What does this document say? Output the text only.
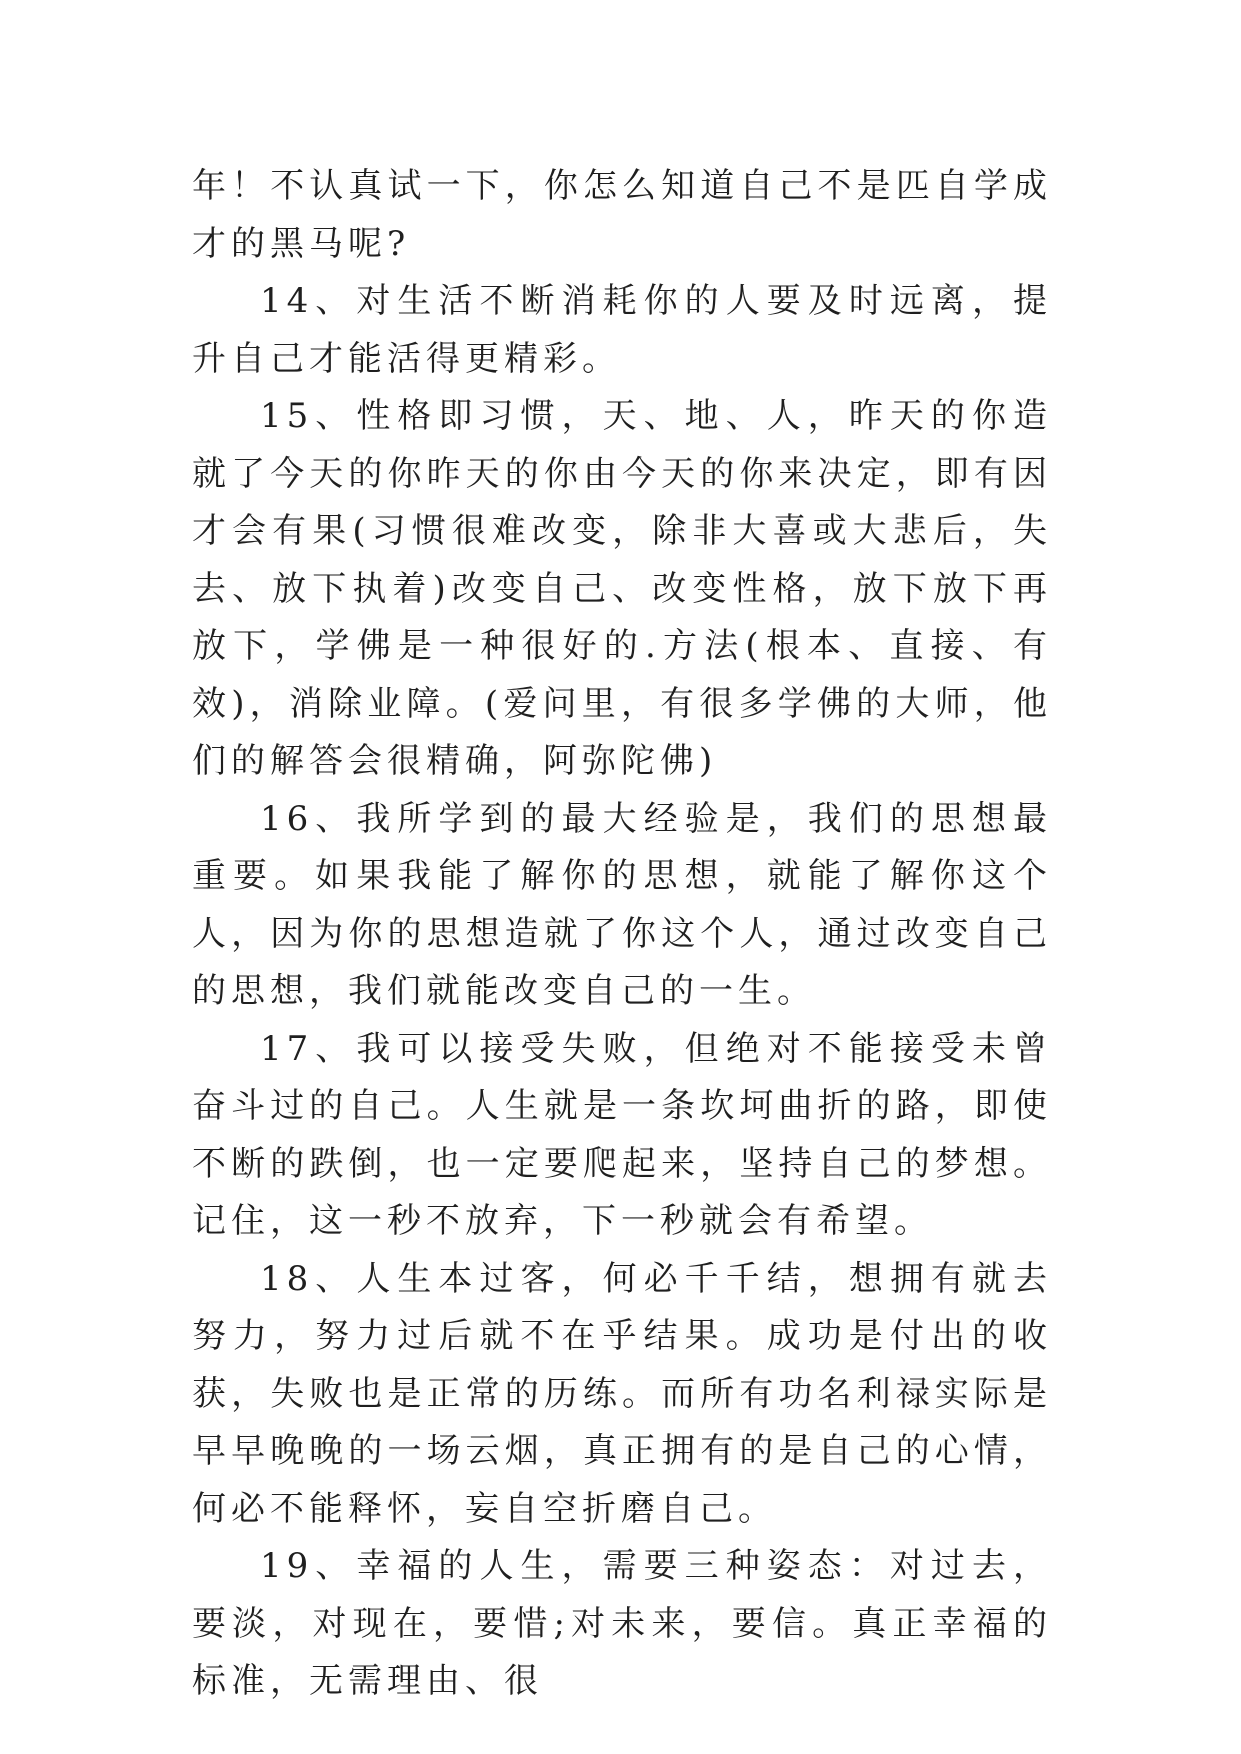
年！不认真试一下，你怎么知道自己不是匹自学成才的黑马呢?

14、对生活不断消耗你的人要及时远离，提升自己才能活得更精彩。

15、性格即习惯，天、地、人，昨天的你造就了今天的你昨天的你由今天的你来决定，即有因才会有果(习惯很难改变，除非大喜或大悲后，失去、放下执着)改变自己、改变性格，放下放下再放下，学佛是一种很好的.方法(根本、直接、有效)，消除业障。(爱问里，有很多学佛的大师，他们的解答会很精确，阿弥陀佛)

16、我所学到的最大经验是，我们的思想最重要。如果我能了解你的思想，就能了解你这个人，因为你的思想造就了你这个人，通过改变自己的思想，我们就能改变自己的一生。

17、我可以接受失败，但绝对不能接受未曾奋斗过的自己。人生就是一条坎坷曲折的路，即使不断的跌倒，也一定要爬起来，坚持自己的梦想。记住，这一秒不放弃，下一秒就会有希望。

18、人生本过客，何必千千结，想拥有就去努力，努力过后就不在乎结果。成功是付出的收获，失败也是正常的历练。而所有功名利禄实际是早早晚晚的一场云烟，真正拥有的是自己的心情，何必不能释怀，妄自空折磨自己。

19、幸福的人生，需要三种姿态：对过去，要淡，对现在，要惜;对未来，要信。真正幸福的标准，无需理由、很
